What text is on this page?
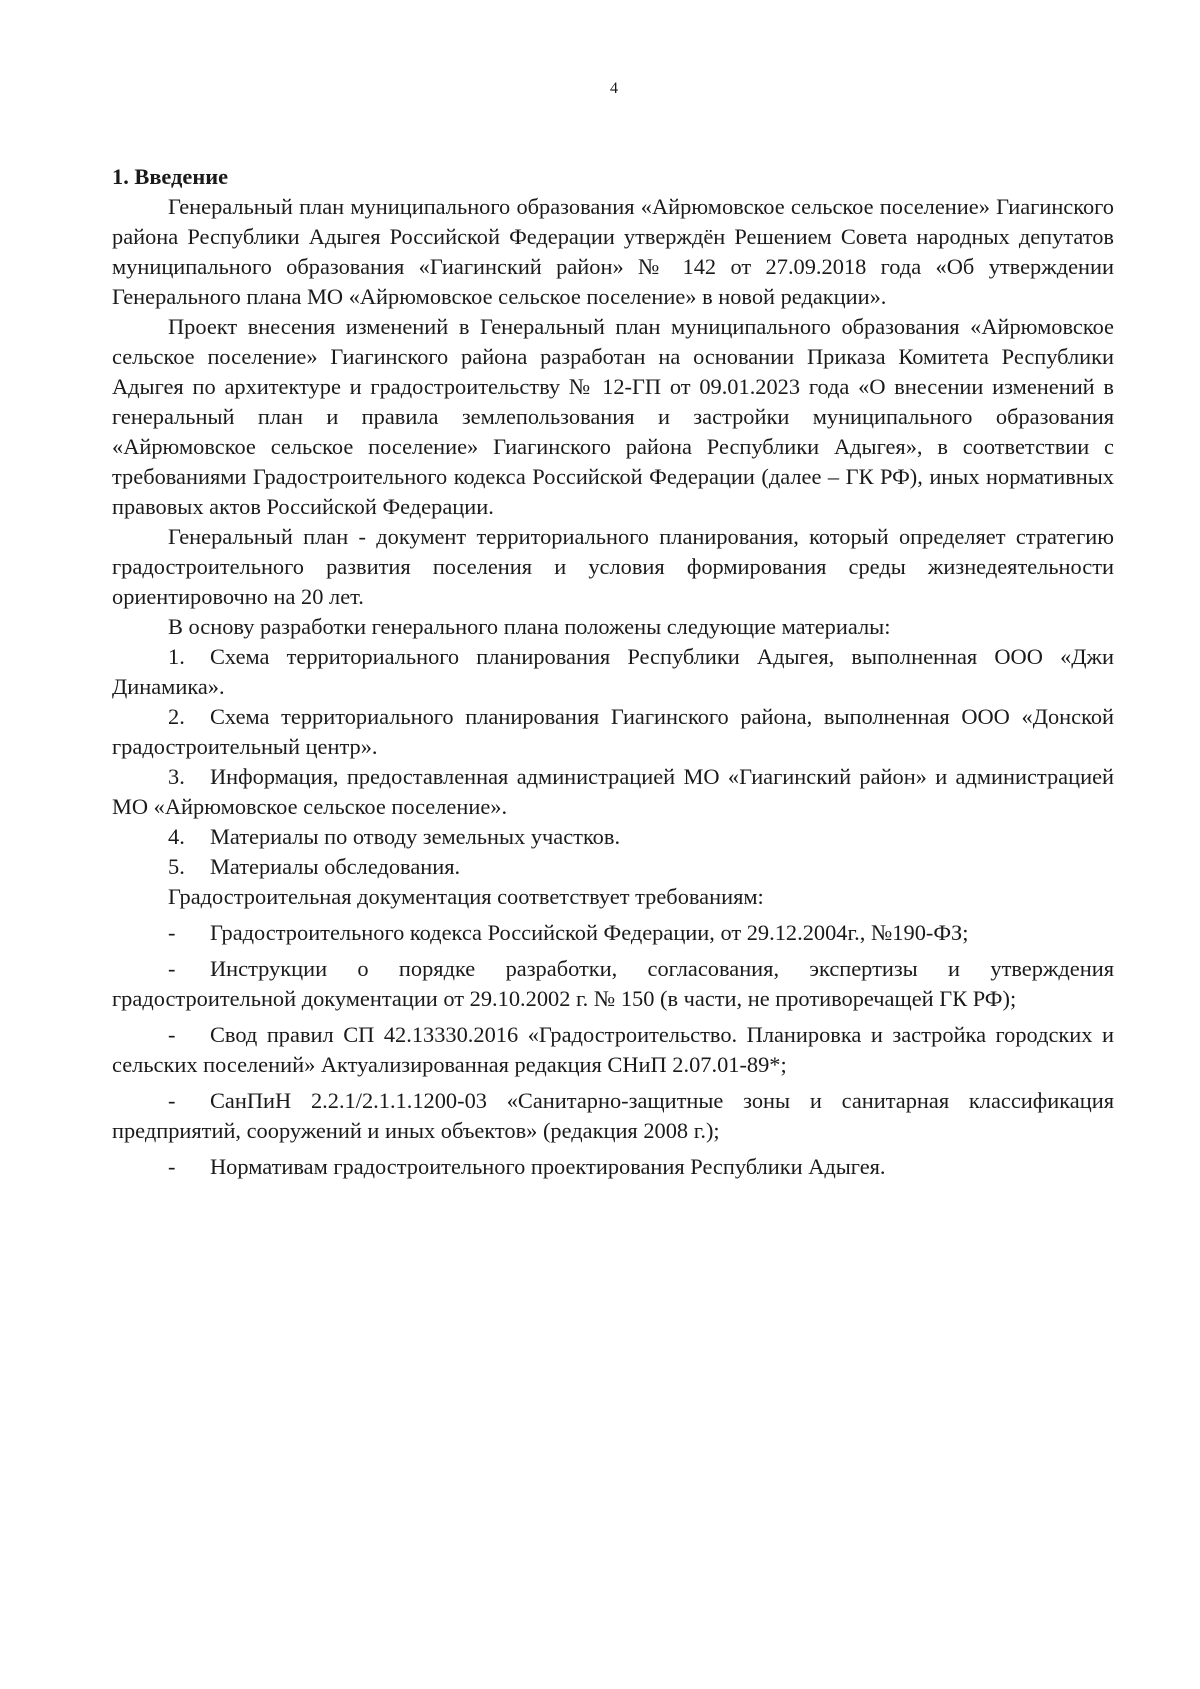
4
1. Введение

Генеральный план муниципального образования «Айрюмовское сельское поселение» Гиагинского района Республики Адыгея Российской Федерации утверждён Решением Совета народных депутатов муниципального образования «Гиагинский район» № 142 от 27.09.2018 года «Об утверждении Генерального плана МО «Айрюмовское сельское поселение» в новой редакции».

Проект внесения изменений в Генеральный план муниципального образования «Айрюмовское сельское поселение» Гиагинского района разработан на основании Приказа Комитета Республики Адыгея по архитектуре и градостроительству № 12-ГП от 09.01.2023 года «О внесении изменений в генеральный план и правила землепользования и застройки муниципального образования «Айрюмовское сельское поселение» Гиагинского района Республики Адыгея», в соответствии с требованиями Градостроительного кодекса Российской Федерации (далее – ГК РФ), иных нормативных правовых актов Российской Федерации.

Генеральный план - документ территориального планирования, который определяет стратегию градостроительного развития поселения и условия формирования среды жизнедеятельности ориентировочно на 20 лет.

В основу разработки генерального плана положены следующие материалы:

1. Схема территориального планирования Республики Адыгея, выполненная ООО «Джи Динамика».
2. Схема территориального планирования Гиагинского района, выполненная ООО «Донской градостроительный центр».
3. Информация, предоставленная администрацией МО «Гиагинский район» и администрацией МО «Айрюмовское сельское поселение».
4. Материалы по отводу земельных участков.
5. Материалы обследования.

Градостроительная документация соответствует требованиям:

- Градостроительного кодекса Российской Федерации, от 29.12.2004г., №190-ФЗ;
- Инструкции о порядке разработки, согласования, экспертизы и утверждения градостроительной документации от 29.10.2002 г. № 150 (в части, не противоречащей ГК РФ);
- Свод правил СП 42.13330.2016 «Градостроительство. Планировка и застройка городских и сельских поселений» Актуализированная редакция СНиП 2.07.01-89*;
- СанПиН 2.2.1/2.1.1.1200-03 «Санитарно-защитные зоны и санитарная классификация предприятий, сооружений и иных объектов» (редакция 2008 г.);
- Нормативам градостроительного проектирования Республики Адыгея.
